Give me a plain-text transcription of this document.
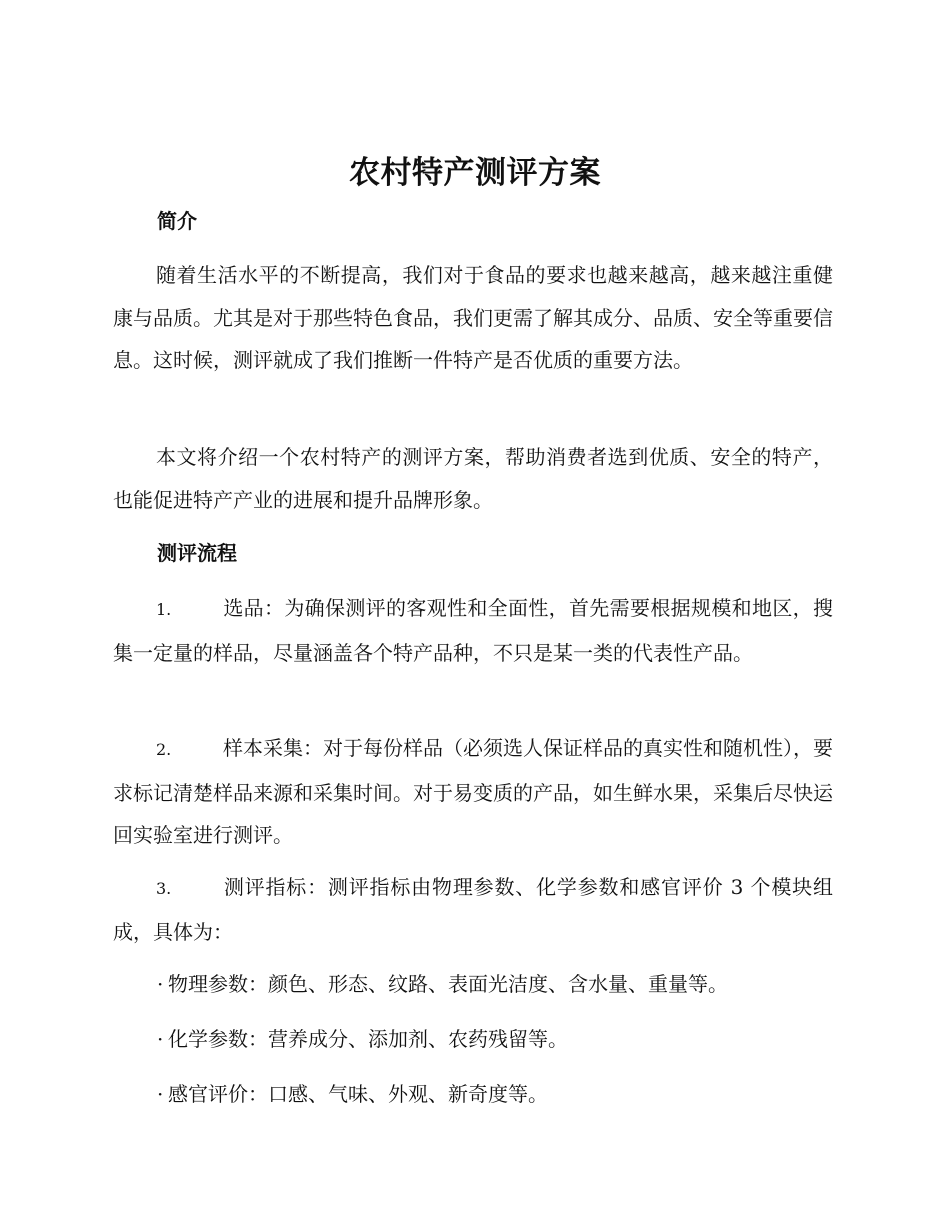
农村特产测评方案
简介

随着生活水平的不断提高，我们对于食品的要求也越来越高，越来越注重健康与品质。尤其是对于那些特色食品，我们更需了解其成分、品质、安全等重要信息。这时候，测评就成了我们推断一件特产是否优质的重要方法。

本文将介绍一个农村特产的测评方案，帮助消费者选到优质、安全的特产，也能促进特产产业的进展和提升品牌形象。

测评流程

1.	选品：为确保测评的客观性和全面性，首先需要根据规模和地区，搜集一定量的样品，尽量涵盖各个特产品种，不只是某一类的代表性产品。

2.	样本采集：对于每份样品（必须选人保证样品的真实性和随机性），要求标记清楚样品来源和采集时间。对于易变质的产品，如生鲜水果，采集后尽快运回实验室进行测评。

3.	测评指标：测评指标由物理参数、化学参数和感官评价 3 个模块组成，具体为：

· 物理参数：颜色、形态、纹路、表面光洁度、含水量、重量等。
· 化学参数：营养成分、添加剂、农药残留等。
· 感官评价：口感、气味、外观、新奇度等。
